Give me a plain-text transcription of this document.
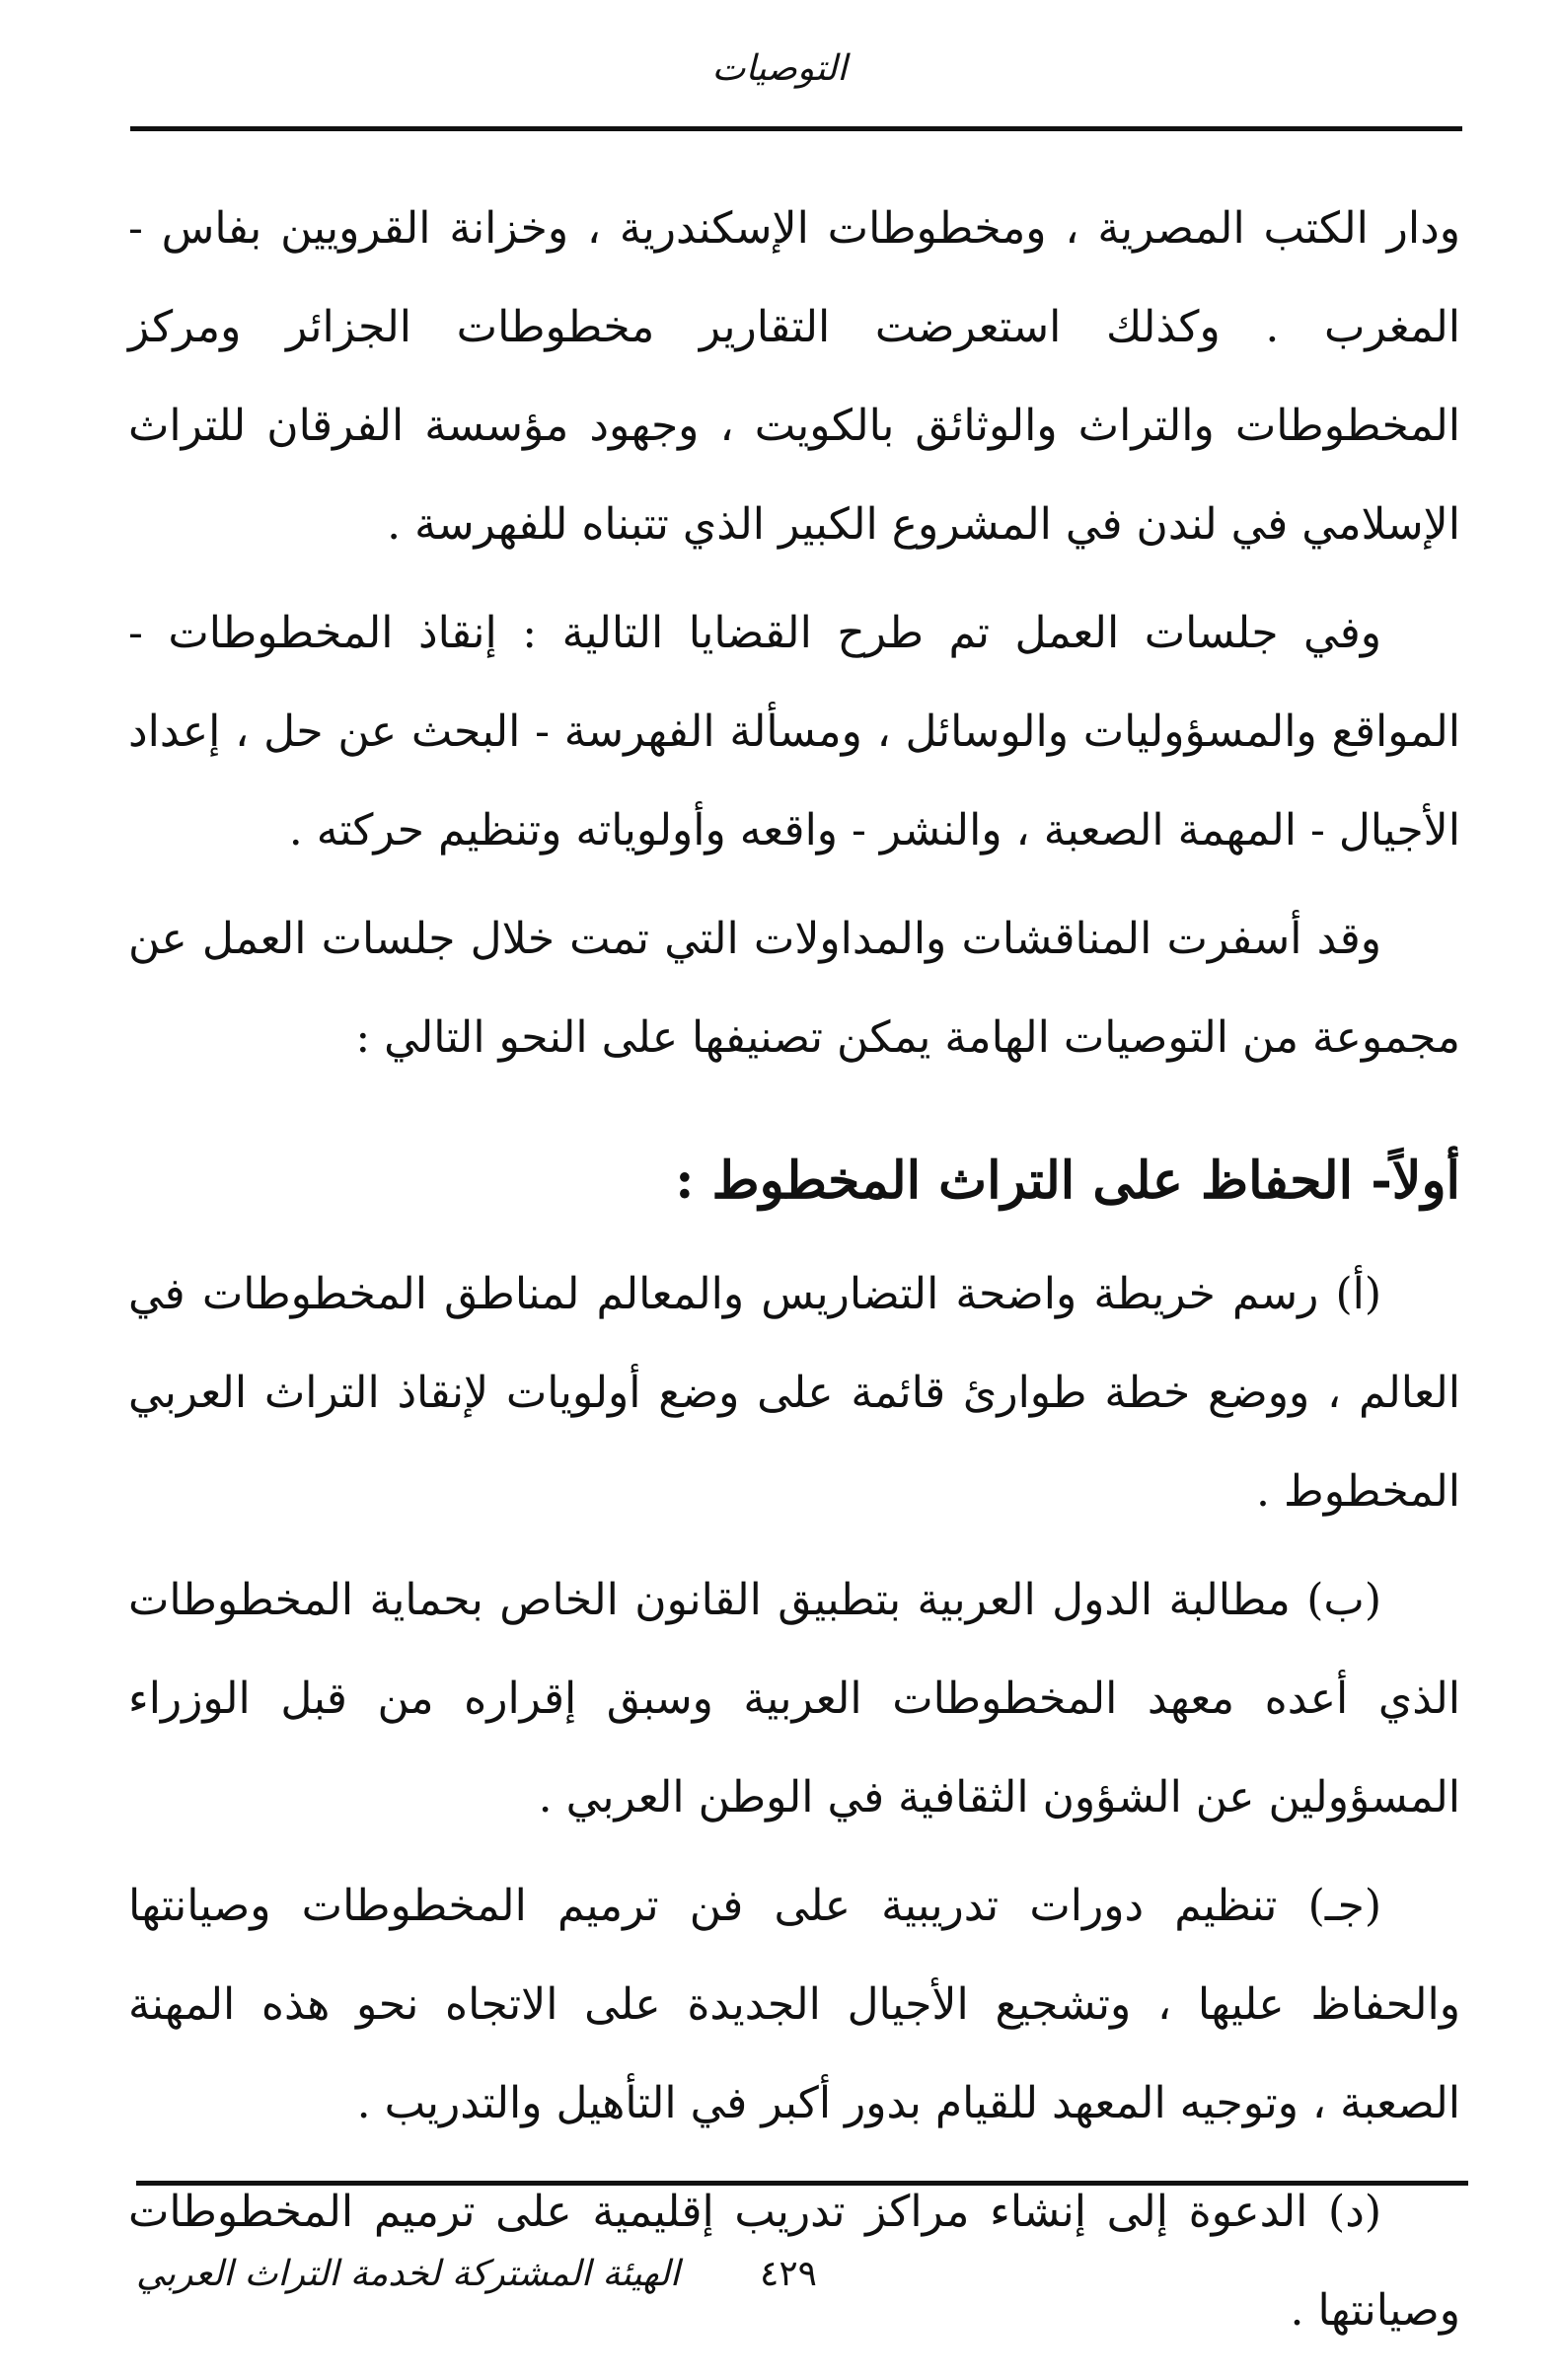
التوصيات

ودار الكتب المصرية ، ومخطوطات الإسكندرية ، وخزانة القرويين بفاس - المغرب . وكذلك استعرضت التقارير مخطوطات الجزائر ومركز المخطوطات والتراث والوثائق بالكويت ، وجهود مؤسسة الفرقان للتراث الإسلامي في لندن في المشروع الكبير الذي تتبناه للفهرسة .

وفي جلسات العمل تم طرح القضايا التالية : إنقاذ المخطوطات - المواقع والمسؤوليات والوسائل ، ومسألة الفهرسة - البحث عن حل ، إعداد الأجيال - المهمة الصعبة ، والنشر - واقعه وأولوياته وتنظيم حركته .

وقد أسفرت المناقشات والمداولات التي تمت خلال جلسات العمل عن مجموعة من التوصيات الهامة يمكن تصنيفها على النحو التالي :

أولاً- الحفاظ على التراث المخطوط :

(أ) رسم خريطة واضحة التضاريس والمعالم لمناطق المخطوطات في العالم ، ووضع خطة طوارئ قائمة على وضع أولويات لإنقاذ التراث العربي المخطوط .

(ب) مطالبة الدول العربية بتطبيق القانون الخاص بحماية المخطوطات الذي أعده معهد المخطوطات العربية وسبق إقراره من قبل الوزراء المسؤولين عن الشؤون الثقافية في الوطن العربي .

(جـ) تنظيم دورات تدريبية على فن ترميم المخطوطات وصيانتها والحفاظ عليها ، وتشجيع الأجيال الجديدة على الاتجاه نحو هذه المهنة الصعبة ، وتوجيه المعهد للقيام بدور أكبر في التأهيل والتدريب .

(د) الدعوة إلى إنشاء مراكز تدريب إقليمية على ترميم المخطوطات وصيانتها .

٤٢٩
الهيئة المشتركة لخدمة التراث العربي
